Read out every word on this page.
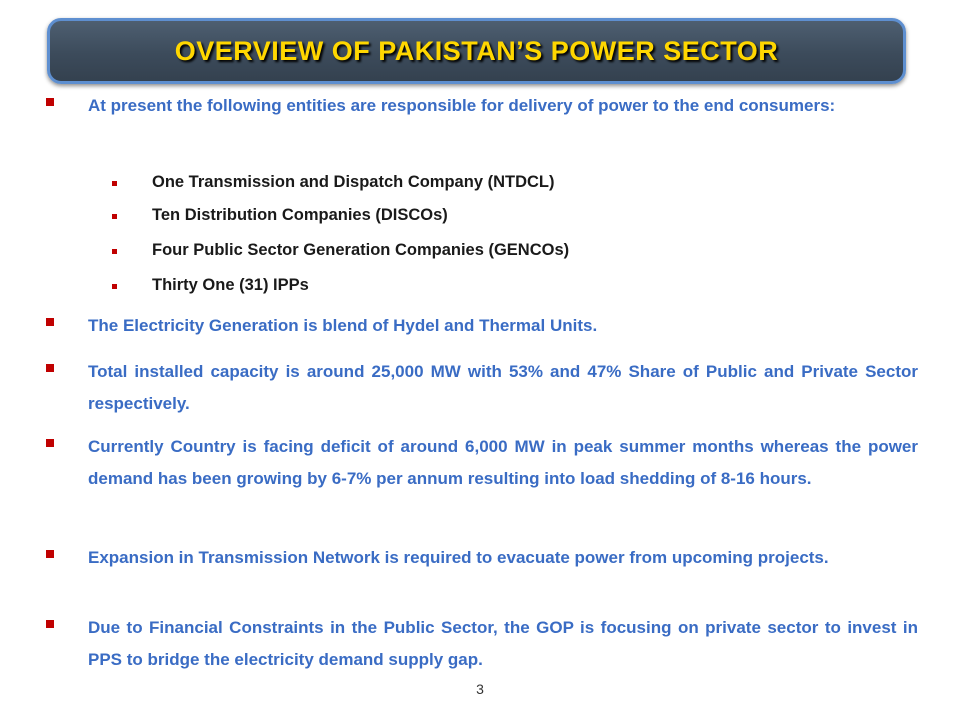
OVERVIEW OF PAKISTAN’S POWER SECTOR
At present the following entities are responsible for delivery of power to the end consumers:
One Transmission and Dispatch Company (NTDCL)
Ten Distribution Companies (DISCOs)
Four Public Sector Generation Companies (GENCOs)
Thirty One (31) IPPs
The Electricity Generation is blend of Hydel and Thermal Units.
Total installed capacity is around 25,000 MW with 53% and 47% Share of Public and Private Sector respectively.
Currently Country is facing deficit of around 6,000 MW in peak summer months whereas the power demand has been growing by 6-7% per annum resulting into load shedding of 8-16 hours.
Expansion in Transmission Network is required to evacuate power from upcoming projects.
Due to Financial Constraints in the Public Sector, the GOP is focusing on private sector to invest in PPS to bridge the electricity demand supply gap.
3
